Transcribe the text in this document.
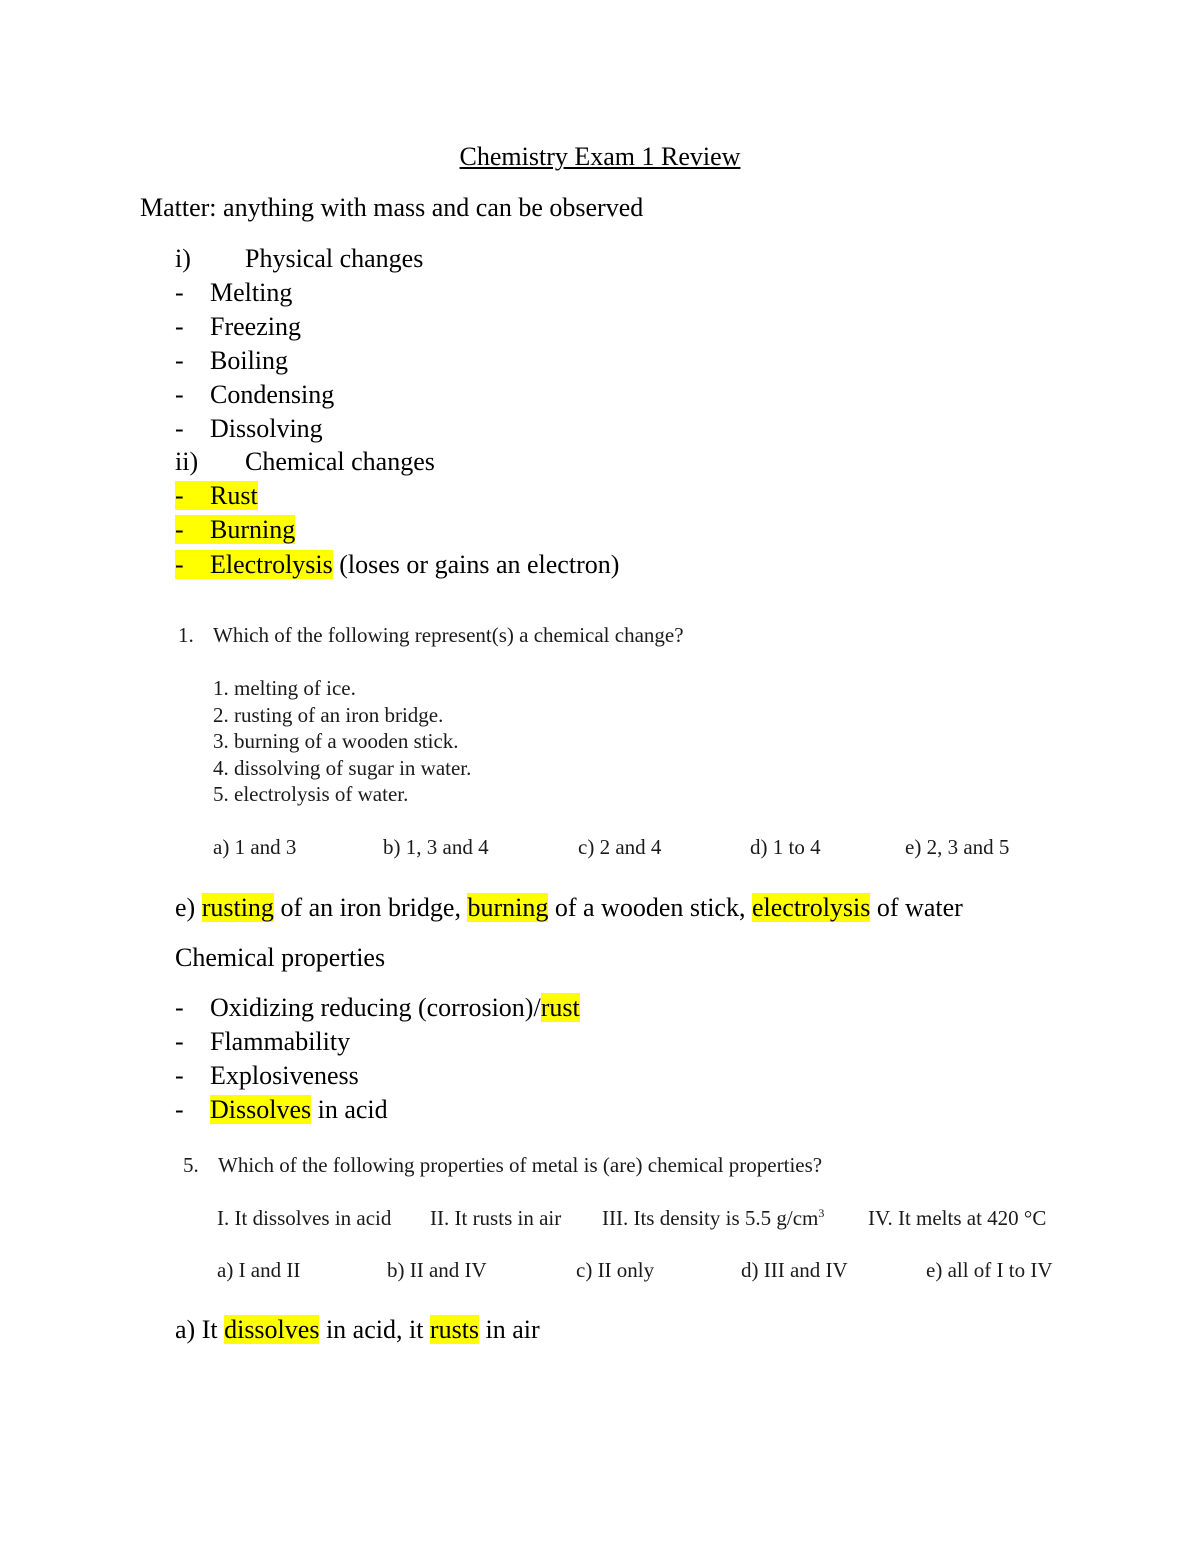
Chemistry Exam 1 Review
Matter: anything with mass and can be observed
i) Physical changes
- Melting
- Freezing
- Boiling
- Condensing
- Dissolving
ii) Chemical changes
- Rust
- Burning
- Electrolysis (loses or gains an electron)
1. Which of the following represent(s) a chemical change?
1. melting of ice.
2. rusting of an iron bridge.
3. burning of a wooden stick.
4. dissolving of sugar in water.
5. electrolysis of water.
a) 1 and 3	b) 1, 3 and 4	c) 2 and 4	d) 1 to 4	e) 2, 3 and 5
e) rusting of an iron bridge, burning of a wooden stick, electrolysis of water
Chemical properties
- Oxidizing reducing (corrosion)/rust
- Flammability
- Explosiveness
- Dissolves in acid
5. Which of the following properties of metal is (are) chemical properties?
I. It dissolves in acid II. It rusts in air III. Its density is 5.5 $g/cm^3$ IV. It melts at 420 °C
a) I and II	b) II and IV	c) II only	d) III and IV	e) all of I to IV
a) It dissolves in acid, it rusts in air
